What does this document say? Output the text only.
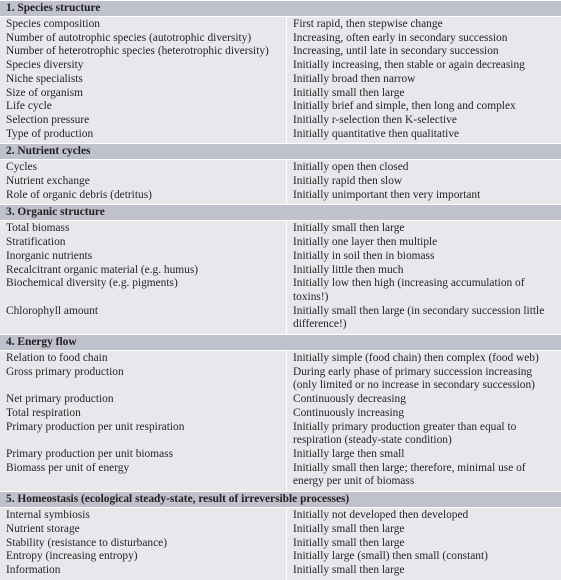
1. Species structure
Species composition
Number of autotrophic species (autotrophic diversity)
Number of heterotrophic species (heterotrophic diversity)
Species diversity
Niche specialists
Size of organism
Life cycle
Selection pressure
Type of production
First rapid, then stepwise change
Increasing, often early in secondary succession
Increasing, until late in secondary succession
Initially increasing, then stable or again decreasing
Initially broad then narrow
Initially small then large
Initially brief and simple, then long and complex
Initially r-selection then K-selective
Initially quantitative then qualitative
2. Nutrient cycles
Cycles
Nutrient exchange
Role of organic debris (detritus)
Initially open then closed
Initially rapid then slow
Initially unimportant then very important
3. Organic structure
Total biomass
Stratification
Inorganic nutrients
Recalcitrant organic material (e.g. humus)
Biochemical diversity (e.g. pigments)
Chlorophyll amount
Initially small then large
Initially one layer then multiple
Initially in soil then in biomass
Initially little then much
Initially low then high (increasing accumulation of toxins!)
Initially small then large (in secondary succession little difference!)
4. Energy flow
Relation to food chain
Gross primary production
Net primary production
Total respiration
Primary production per unit respiration
Primary production per unit biomass
Biomass per unit of energy
Initially simple (food chain) then complex (food web)
During early phase of primary succession increasing (only limited or no increase in secondary succession)
Continuously decreasing
Continuously increasing
Initially primary production greater than equal to respiration (steady-state condition)
Initially large then small
Initially small then large; therefore, minimal use of energy per unit of biomass
5. Homeostasis (ecological steady-state, result of irreversible processes)
Internal symbiosis
Nutrient storage
Stability (resistance to disturbance)
Entropy (increasing entropy)
Information
Initially not developed then developed
Initially small then large
Initially small then large
Initially large (small) then small (constant)
Initially small then large
